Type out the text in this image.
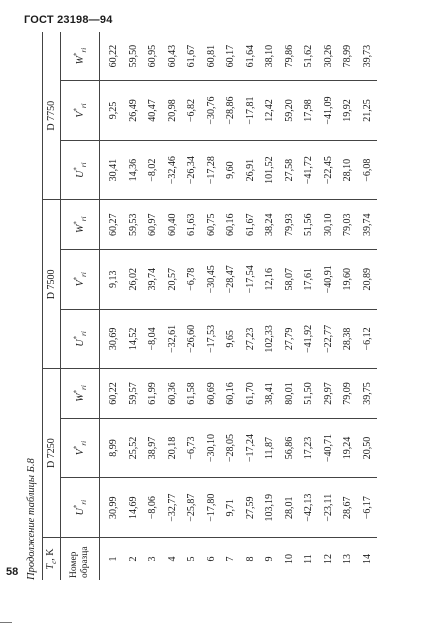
ГОСТ 23198—94
Продолжение таблицы Б.8 $T_c$, K	D 7250			D 7500			D 7750		

Номер образца	$U^*_{ri}$	$V^*_{ri}$	$W^*_{ri}$	$U^*_{ri}$	$V^*_{ri}$	$W^*_{ri}$	$U^*_{ri}$	$V^*_{ri}$	$W^*_{ri}$
1	30,99	8,99	60,22	30,69	9,13	60,27	30,41	9,25	60,22
2	14,69	25,52	59,57	14,52	26,02	59,53	14,36	26,49	59,50
3	−8,06	38,97	61,99	−8,04	39,74	60,97	−8,02	40,47	60,95
4	−32,77	20,18	60,36	−32,61	20,57	60,40	−32,46	20,98	60,43
5	−25,87	−6,73	61,58	−26,60	−6,78	61,63	−26,34	−6,82	61,67
6	−17,80	−30,10	60,69	−17,53	−30,45	60,75	−17,28	−30,76	60,81
7	9,71	−28,05	60,16	9,65	−28,47	60,16	9,60	−28,86	60,17
8	27,59	−17,24	61,70	27,23	−17,54	61,67	26,91	−17,81	61,64
9	103,19	11,87	38,41	102,33	12,16	38,24	101,52	12,42	38,10
10	28,01	56,86	80,01	27,79	58,07	79,93	27,58	59,20	79,86
11	−42,13	17,23	51,50	−41,92	17,61	51,56	−41,72	17,98	51,62
12	−23,11	−40,71	29,97	−22,77	−40,91	30,10	−22,45	−41,09	30,26
13	28,67	19,24	79,09	28,38	19,60	79,03	28,10	19,92	78,99
14	−6,17	20,50	39,75	−6,12	20,89	39,74	−6,08	21,25	39,73
58
